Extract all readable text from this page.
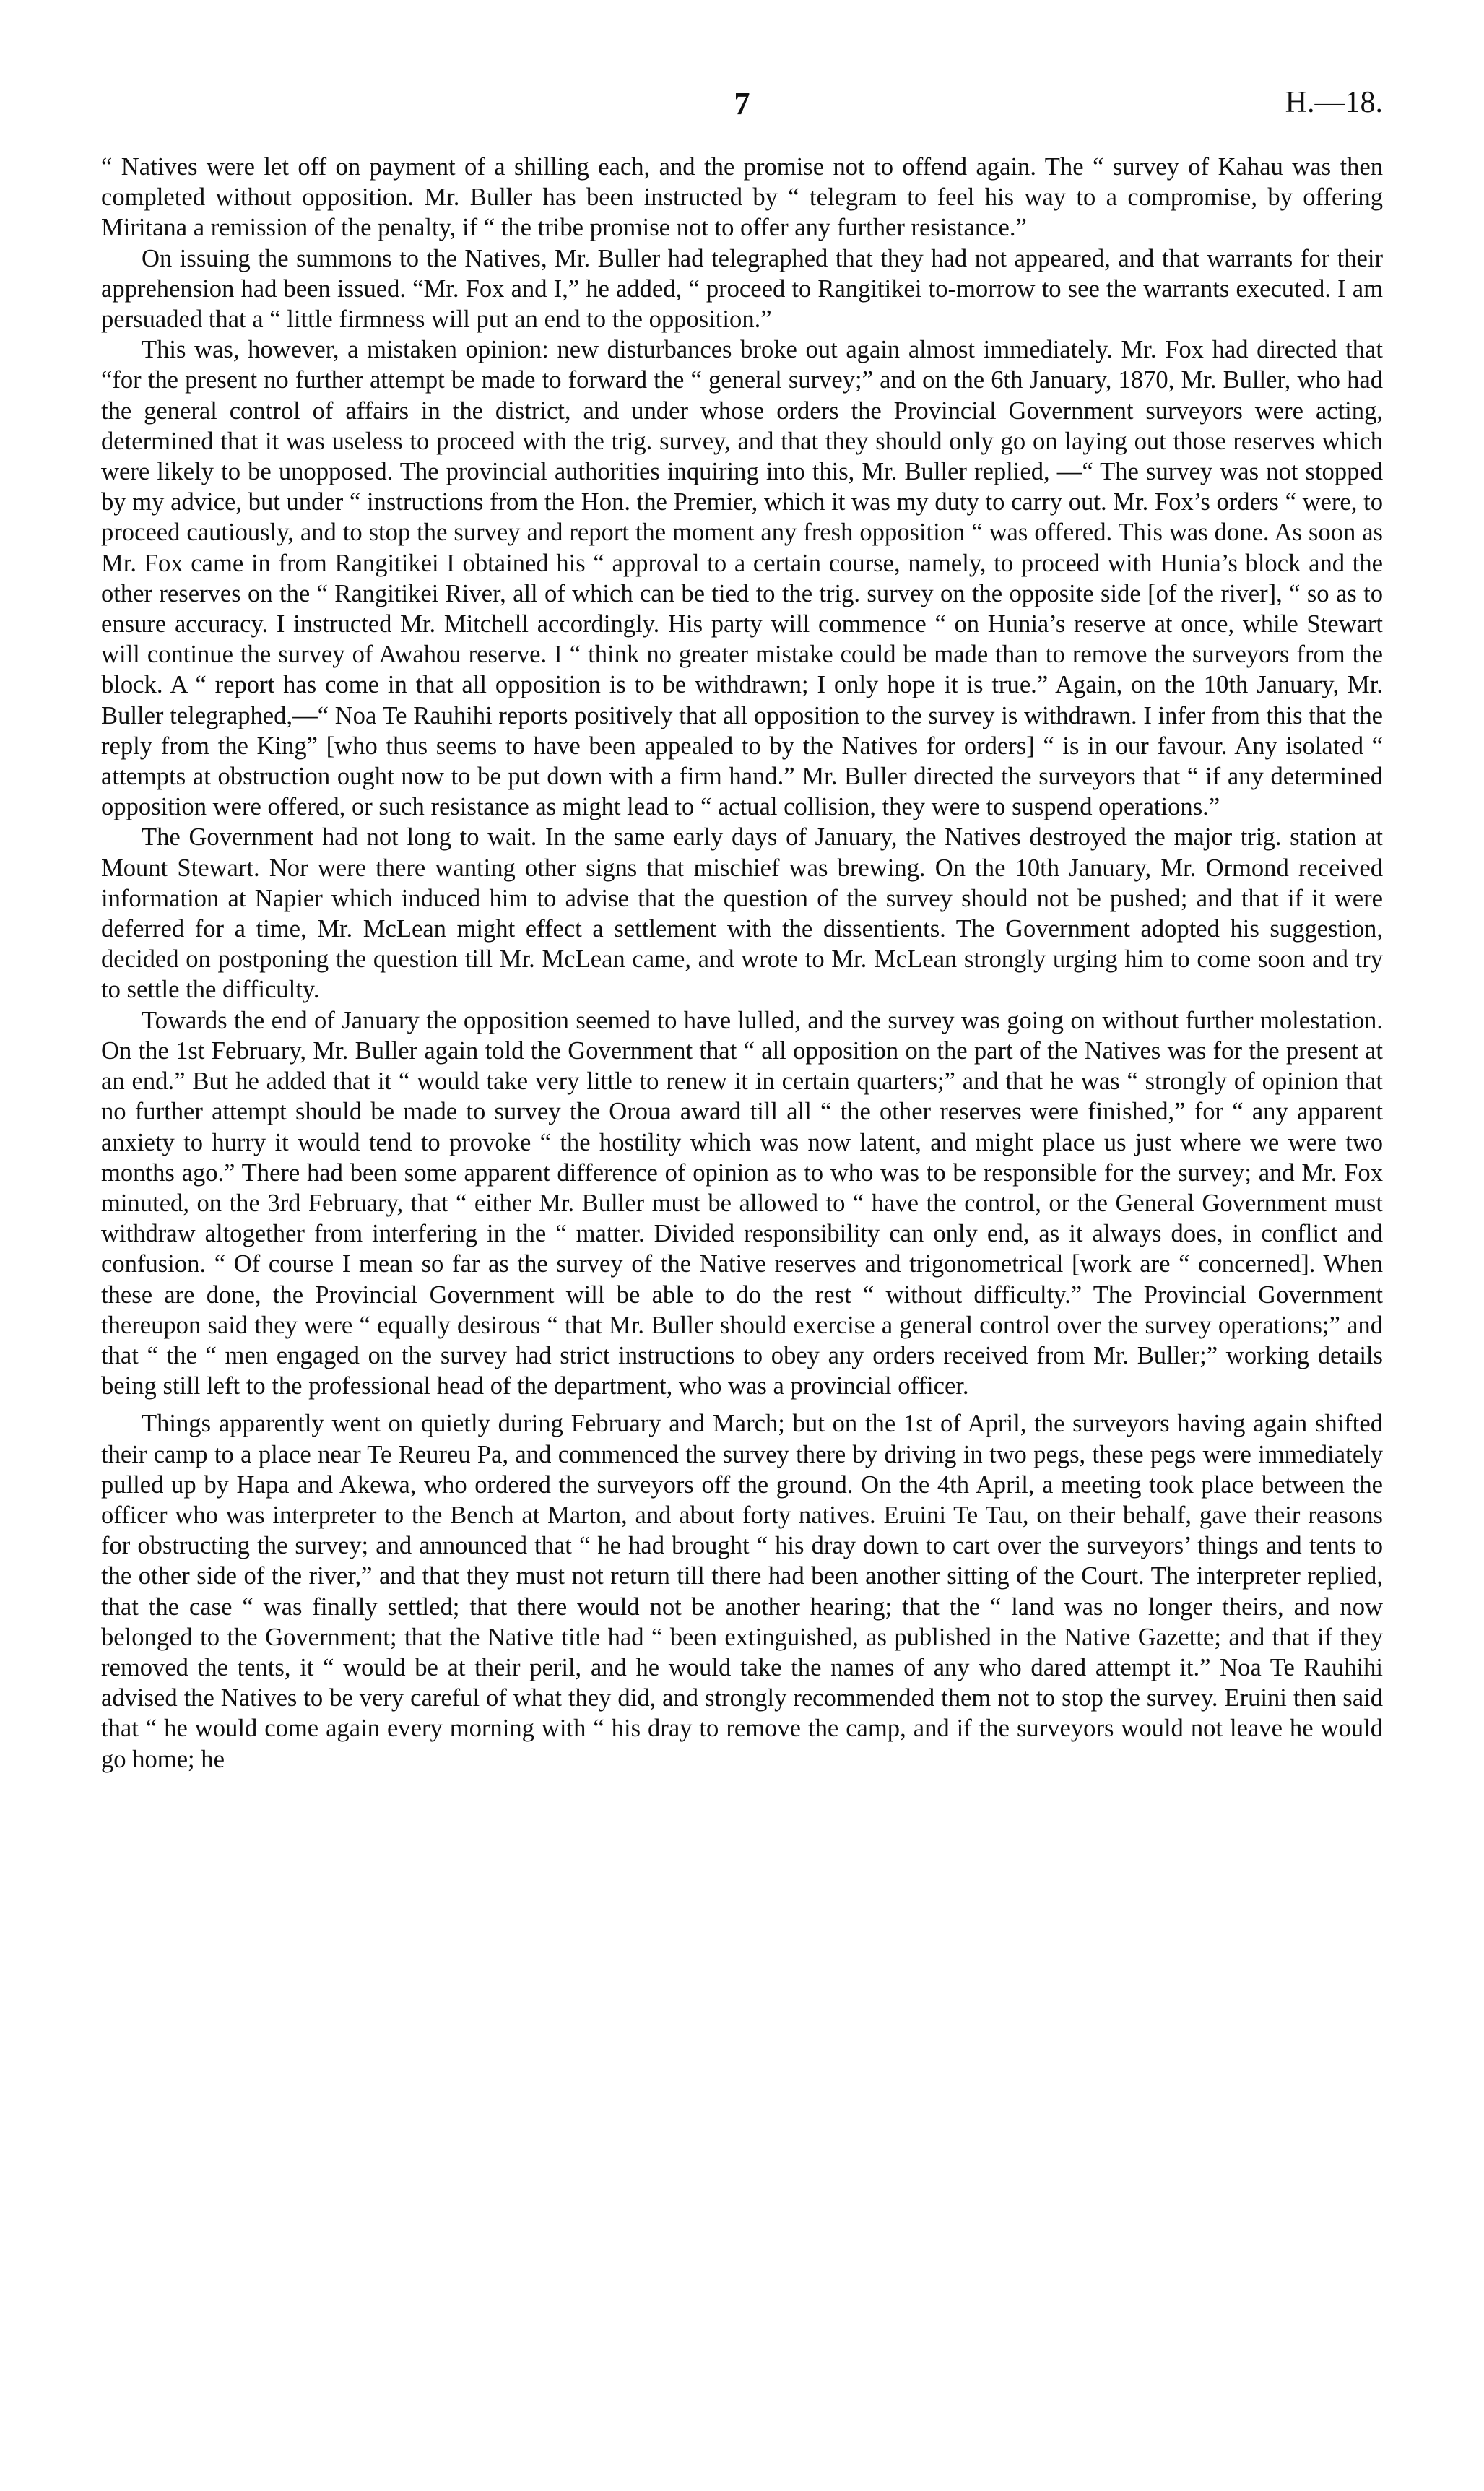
7	H.—18.

“ Natives were let off on payment of a shilling each, and the promise not to offend again. The “ survey of Kahau was then completed without opposition. Mr. Buller has been instructed by “ telegram to feel his way to a compromise, by offering Miritana a remission of the penalty, if “ the tribe promise not to offer any further resistance.”

On issuing the summons to the Natives, Mr. Buller had telegraphed that they had not appeared, and that warrants for their apprehension had been issued. “Mr. Fox and I,” he added, “ proceed to Rangitikei to-morrow to see the warrants executed. I am persuaded that a “ little firmness will put an end to the opposition.”

This was, however, a mistaken opinion: new disturbances broke out again almost immediately. Mr. Fox had directed that “for the present no further attempt be made to forward the “ general survey;” and on the 6th January, 1870, Mr. Buller, who had the general control of affairs in the district, and under whose orders the Provincial Government surveyors were acting, determined that it was useless to proceed with the trig. survey, and that they should only go on laying out those reserves which were likely to be unopposed. The provincial authorities inquiring into this, Mr. Buller replied, —“ The survey was not stopped by my advice, but under “ instructions from the Hon. the Premier, which it was my duty to carry out. Mr. Fox’s orders “ were, to proceed cautiously, and to stop the survey and report the moment any fresh opposition “ was offered. This was done. As soon as Mr. Fox came in from Rangitikei I obtained his “ approval to a certain course, namely, to proceed with Hunia’s block and the other reserves on the “ Rangitikei River, all of which can be tied to the trig. survey on the opposite side [of the river], “ so as to ensure accuracy. I instructed Mr. Mitchell accordingly. His party will commence “ on Hunia’s reserve at once, while Stewart will continue the survey of Awahou reserve. I “ think no greater mistake could be made than to remove the surveyors from the block. A “ report has come in that all opposition is to be withdrawn; I only hope it is true.” Again, on the 10th January, Mr. Buller telegraphed,—“ Noa Te Rauhihi reports positively that all opposition to the survey is withdrawn. I infer from this that the reply from the King” [who thus seems to have been appealed to by the Natives for orders] “ is in our favour. Any isolated “ attempts at obstruction ought now to be put down with a firm hand.” Mr. Buller directed the surveyors that “ if any determined opposition were offered, or such resistance as might lead to “ actual collision, they were to suspend operations.”

The Government had not long to wait. In the same early days of January, the Natives destroyed the major trig. station at Mount Stewart. Nor were there wanting other signs that mischief was brewing. On the 10th January, Mr. Ormond received information at Napier which induced him to advise that the question of the survey should not be pushed; and that if it were deferred for a time, Mr. McLean might effect a settlement with the dissentients. The Government adopted his suggestion, decided on postponing the question till Mr. McLean came, and wrote to Mr. McLean strongly urging him to come soon and try to settle the difficulty.

Towards the end of January the opposition seemed to have lulled, and the survey was going on without further molestation. On the 1st February, Mr. Buller again told the Government that “ all opposition on the part of the Natives was for the present at an end.” But he added that it “ would take very little to renew it in certain quarters;” and that he was “ strongly of opinion that no further attempt should be made to survey the Oroua award till all “ the other reserves were finished,” for “ any apparent anxiety to hurry it would tend to provoke “ the hostility which was now latent, and might place us just where we were two months ago.” There had been some apparent difference of opinion as to who was to be responsible for the survey; and Mr. Fox minuted, on the 3rd February, that “ either Mr. Buller must be allowed to “ have the control, or the General Government must withdraw altogether from interfering in the “ matter. Divided responsibility can only end, as it always does, in conflict and confusion. “ Of course I mean so far as the survey of the Native reserves and trigonometrical [work are “ concerned]. When these are done, the Provincial Government will be able to do the rest “ without difficulty.” The Provincial Government thereupon said they were “ equally desirous “ that Mr. Buller should exercise a general control over the survey operations;” and that “ the “ men engaged on the survey had strict instructions to obey any orders received from Mr. Buller;” working details being still left to the professional head of the department, who was a provincial officer.

Things apparently went on quietly during February and March; but on the 1st of April, the surveyors having again shifted their camp to a place near Te Reureu Pa, and commenced the survey there by driving in two pegs, these pegs were immediately pulled up by Hapa and Akewa, who ordered the surveyors off the ground. On the 4th April, a meeting took place between the officer who was interpreter to the Bench at Marton, and about forty natives. Eruini Te Tau, on their behalf, gave their reasons for obstructing the survey; and announced that “ he had brought “ his dray down to cart over the surveyors’ things and tents to the other side of the river,” and that they must not return till there had been another sitting of the Court. The interpreter replied, that the case “ was finally settled; that there would not be another hearing; that the “ land was no longer theirs, and now belonged to the Government; that the Native title had “ been extinguished, as published in the Native Gazette; and that if they removed the tents, it “ would be at their peril, and he would take the names of any who dared attempt it.” Noa Te Rauhihi advised the Natives to be very careful of what they did, and strongly recommended them not to stop the survey. Eruini then said that “ he would come again every morning with “ his dray to remove the camp, and if the surveyors would not leave he would go home; he
